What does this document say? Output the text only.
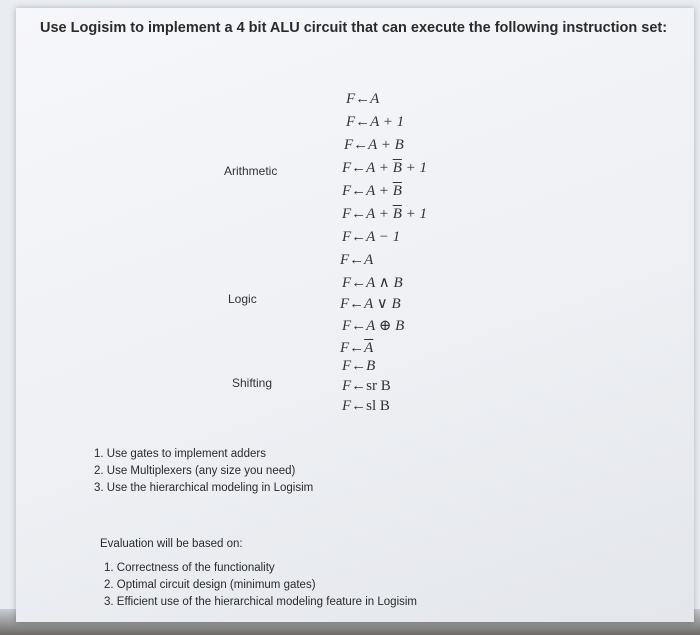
Use Logisim to implement a 4 bit ALU circuit that can execute the following instruction set:
Arithmetic
Logic
Shifting
F←A
F←A + 1
F←A + B
F←A + $\overline{B} + 1$
F←A + $\overline{B}$
F←A + $\overline{B} + 1$
F←A − 1
F←A
F←A ∧ B
F←A ∨ B
F←A ⊕ B
$F\leftarrow\overline{A}$
F←B
F←sr B
F←sl B
1. Use gates to implement adders
2. Use Multiplexers (any size you need)
3. Use the hierarchical modeling in Logisim
Evaluation will be based on:
1. Correctness of the functionality
2. Optimal circuit design (minimum gates)
3. Efficient use of the hierarchical modeling feature in Logisim
